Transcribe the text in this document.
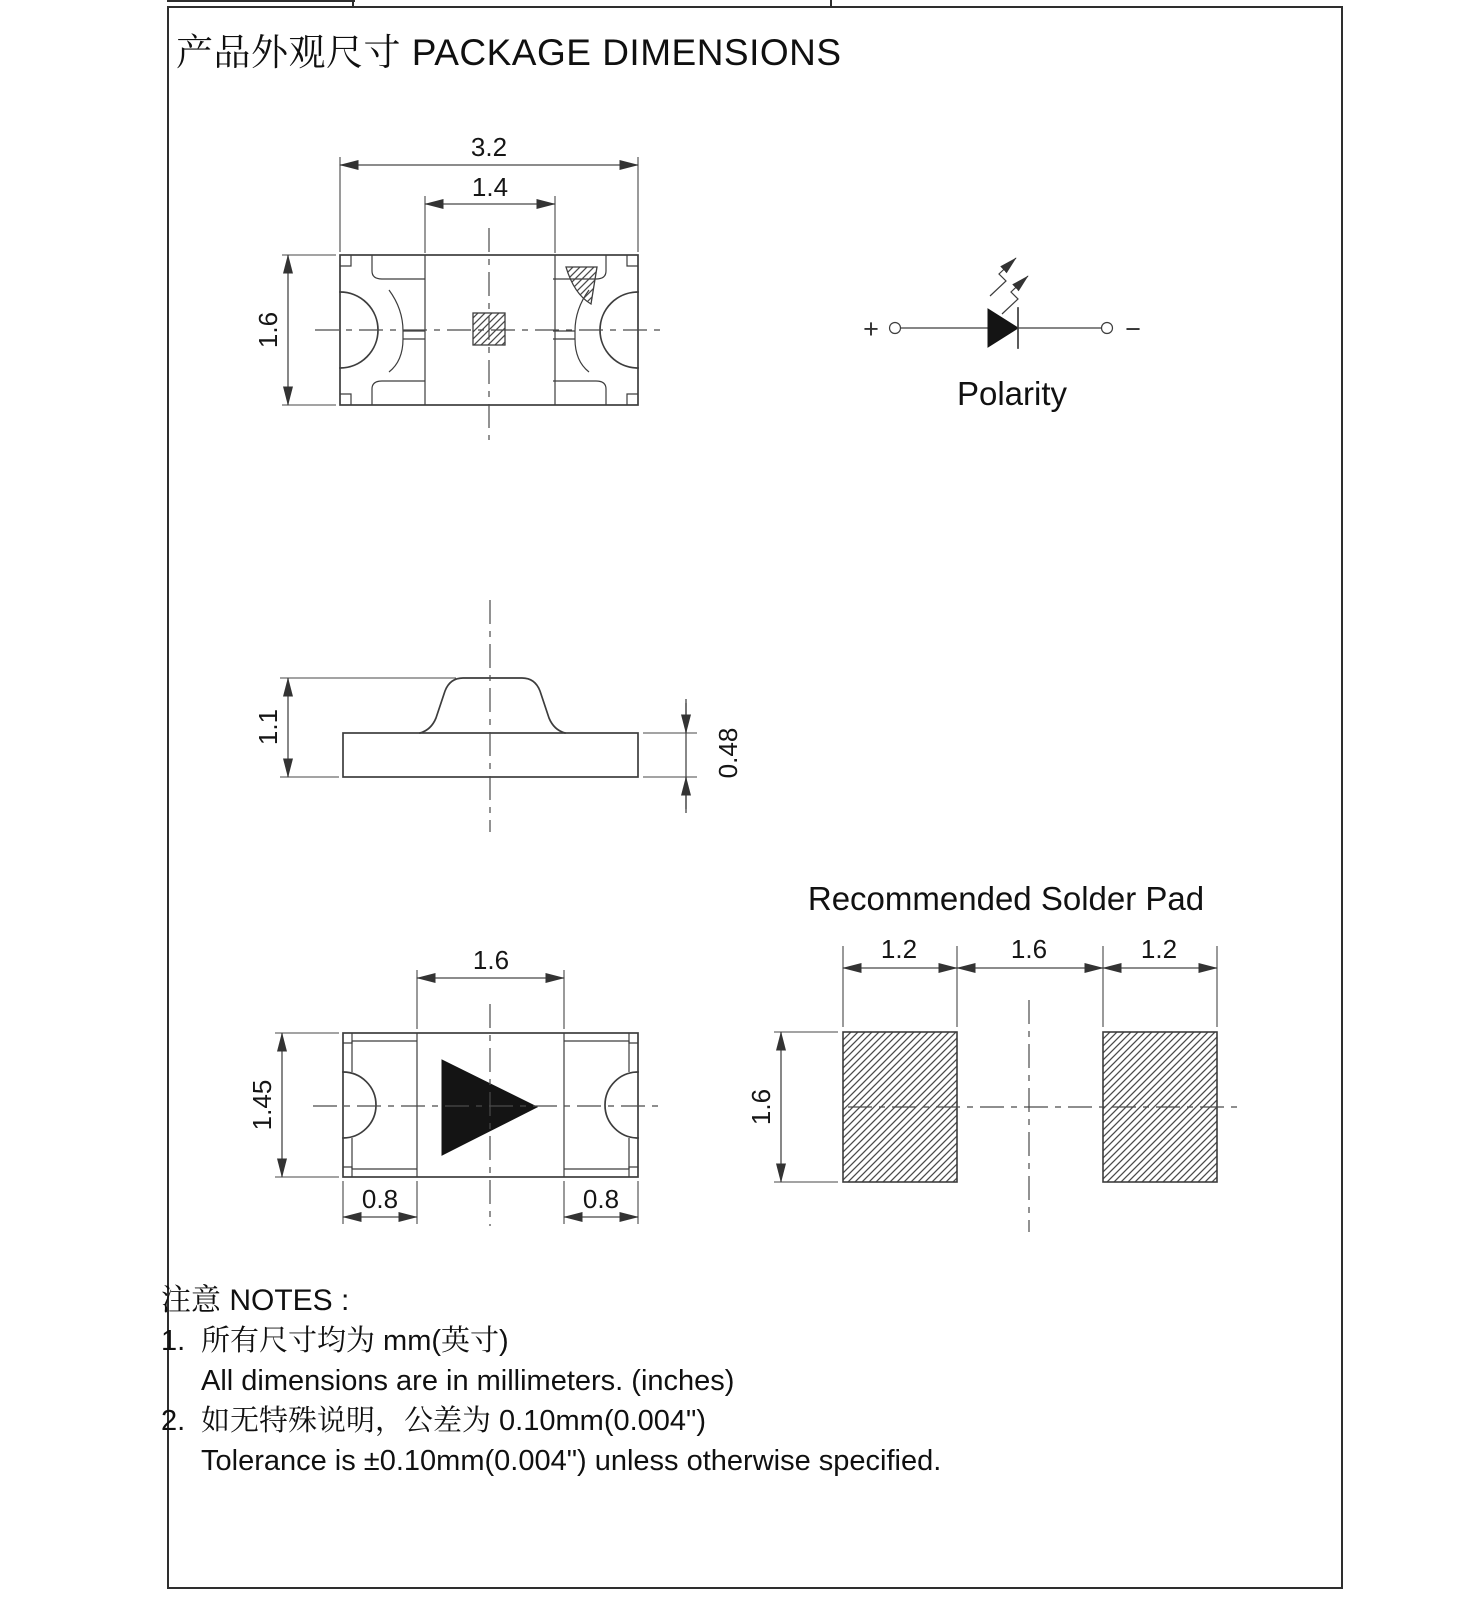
产品外观尺寸 PACKAGE DIMENSIONS
3.2
1.4
1.6	+	−
Polarity
1.1
0.48
1.6
1.45
0.8	0.8
Recommended Solder Pad
1.2	1.6	1.2
1.6
注意 NOTES :
1. 所有尺寸均为 mm(英寸)
All dimensions are in millimeters. (inches)
2. 如无特殊说明，公差为 0.10mm(0.004")
Tolerance is ±0.10mm(0.004") unless otherwise specified.
